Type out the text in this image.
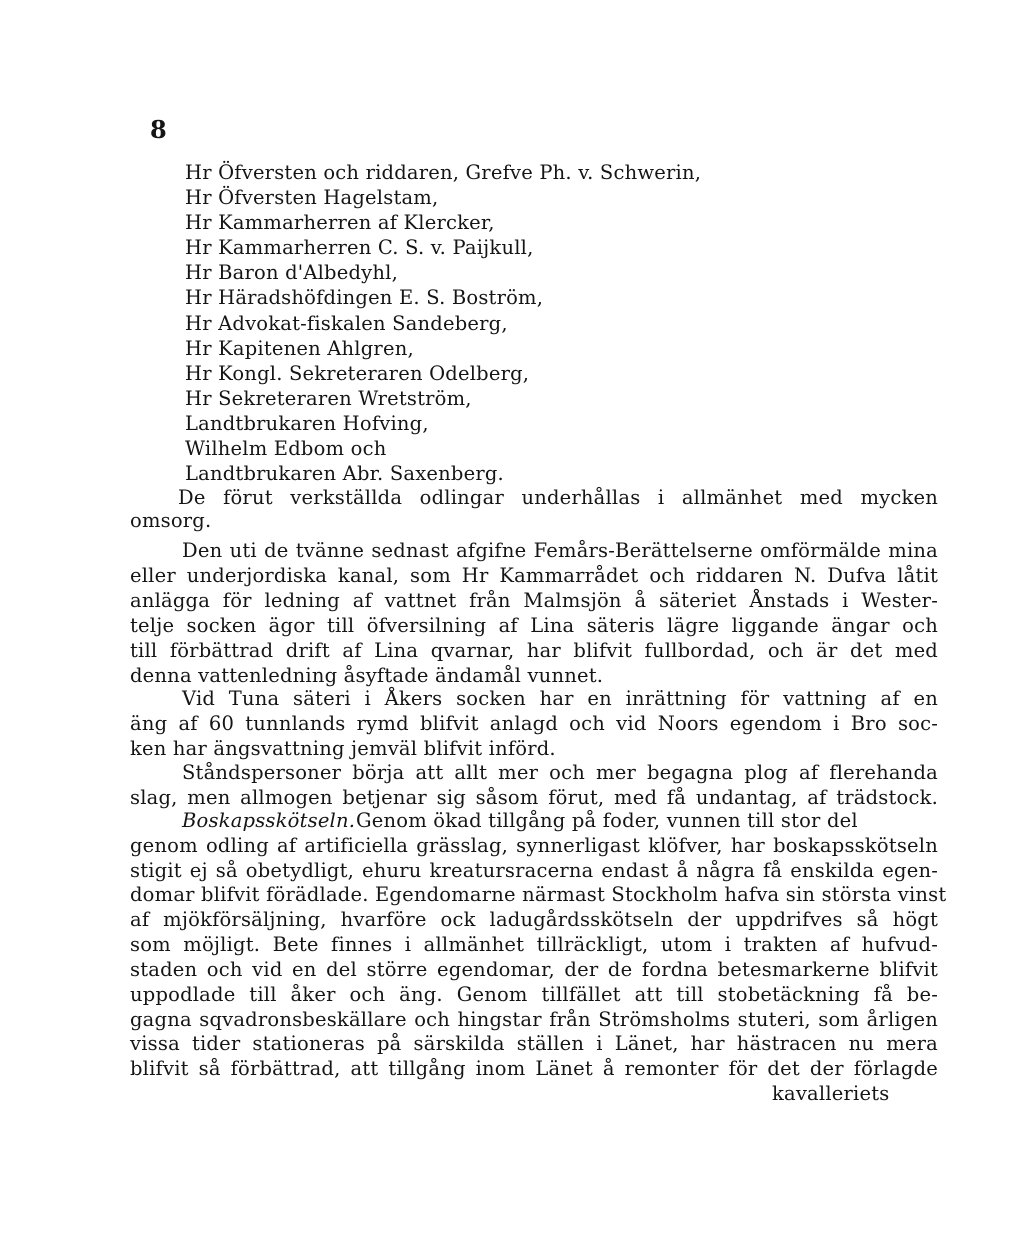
8
Hr Öfversten och riddaren, Grefve Ph. v. Schwerin,
Hr Öfversten Hagelstam,
Hr Kammarherren af Klercker,
Hr Kammarherren C. S. v. Paijkull,
Hr Baron d'Albedyhl,
Hr Häradshöfdingen E. S. Boström,
Hr Advokat-fiskalen Sandeberg,
Hr Kapitenen Ahlgren,
Hr Kongl. Sekreteraren Odelberg,
Hr Sekreteraren Wretström,
Landtbrukaren Hofving,
Wilhelm Edbom och
Landtbrukaren Abr. Saxenberg.
De förut verkställda odlingar underhållas i allmänhet med mycken
omsorg.
Den uti de tvänne sednast afgifne Femårs-Berättelserne omförmälde mina
eller underjordiska kanal, som Hr Kammarrådet och riddaren N. Dufva låtit
anlägga för ledning af vattnet från Malmsjön å säteriet Ånstads i Wester-
telje socken ägor till öfversilning af Lina säteris lägre liggande ängar och
till förbättrad drift af Lina qvarnar, har blifvit fullbordad, och är det med
denna vattenledning åsyftade ändamål vunnet.
Vid Tuna säteri i Åkers socken har en inrättning för vattning af en
äng af 60 tunnlands rymd blifvit anlagd och vid Noors egendom i Bro soc-
ken har ängsvattning jemväl blifvit införd.
Ståndspersoner börja att allt mer och mer begagna plog af flerehanda
slag, men allmogen betjenar sig såsom förut, med få undantag, af trädstock.
Boskapsskötseln. Genom ökad tillgång på foder, vunnen till stor del
genom odling af artificiella grässlag, synnerligast klöfver, har boskapsskötseln
stigit ej så obetydligt, ehuru kreatursracerna endast å några få enskilda egen-
domar blifvit förädlade. Egendomarne närmast Stockholm hafva sin största vinst
af mjökförsäljning, hvarföre ock ladugårdsskötseln der uppdrifves så högt
som möjligt. Bete finnes i allmänhet tillräckligt, utom i trakten af hufvud-
staden och vid en del större egendomar, der de fordna betesmarkerne blifvit
uppodlade till åker och äng. Genom tillfället att till stobetäckning få be-
gagna sqvadronsbeskällare och hingstar från Strömsholms stuteri, som årligen
vissa tider stationeras på särskilda ställen i Länet, har hästracen nu mera
blifvit så förbättrad, att tillgång inom Länet å remonter för det der förlagde
kavalleriets
